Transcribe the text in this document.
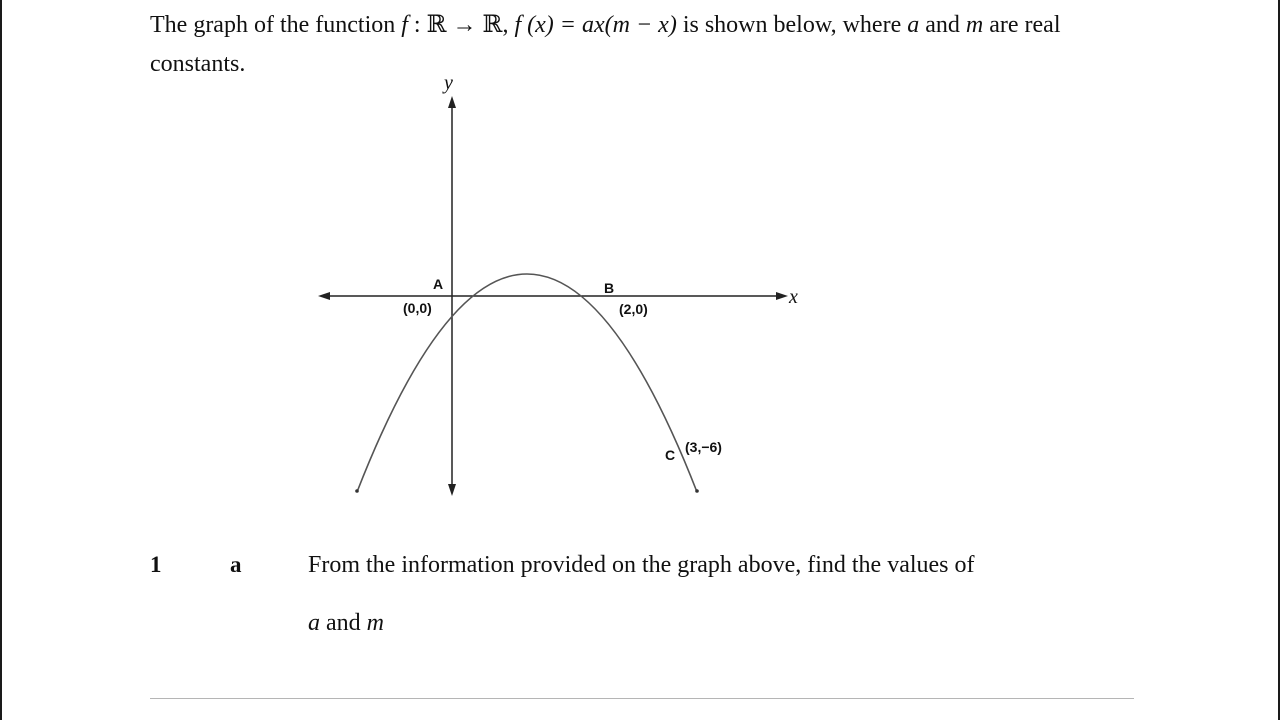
The graph of the function f : ℝ → ℝ, f (x) = ax(m − x) is shown below, where a and m are real constants.
x
y
A
(0,0)
B
(2,0)
C (3,−6)
1	a	From the information provided on the graph above, find the values of
a and m
